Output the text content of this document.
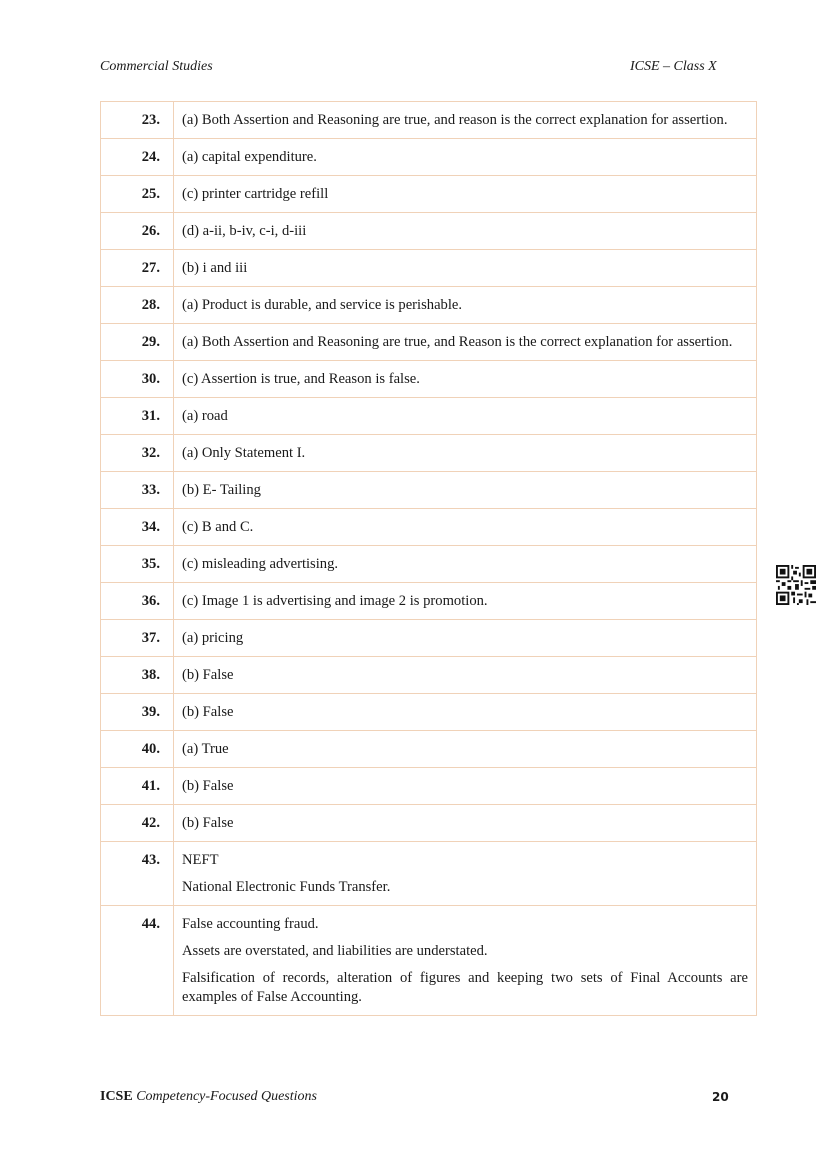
Commercial Studies	ICSE – Class X
23.	(a) Both Assertion and Reasoning are true, and reason is the correct explanation for assertion.

24.	(a) capital expenditure.

25.	(c) printer cartridge refill

26.	(d) a-ii, b-iv, c-i, d-iii

27.	(b) i and iii

28.	(a) Product is durable, and service is perishable.

29.	(a) Both Assertion and Reasoning are true, and Reason is the correct explanation for assertion.

30.	(c) Assertion is true, and Reason is false.

31.	(a) road

32.	(a) Only Statement I.

33.	(b) E- Tailing

34.	(c) B and C.

35.	(c) misleading advertising.

36.	(c) Image 1 is advertising and image 2 is promotion.

37.	(a) pricing

38.	(b) False

39.	(b) False

40.	(a) True

41.	(b) False

42.	(b) False

43.	NEFT
National Electronic Funds Transfer.

44.	False accounting fraud.
Assets are overstated, and liabilities are understated.
Falsification of records, alteration of figures and keeping two sets of Final Accounts are examples of False Accounting.
ICSE Competency-Focused Questions	20
